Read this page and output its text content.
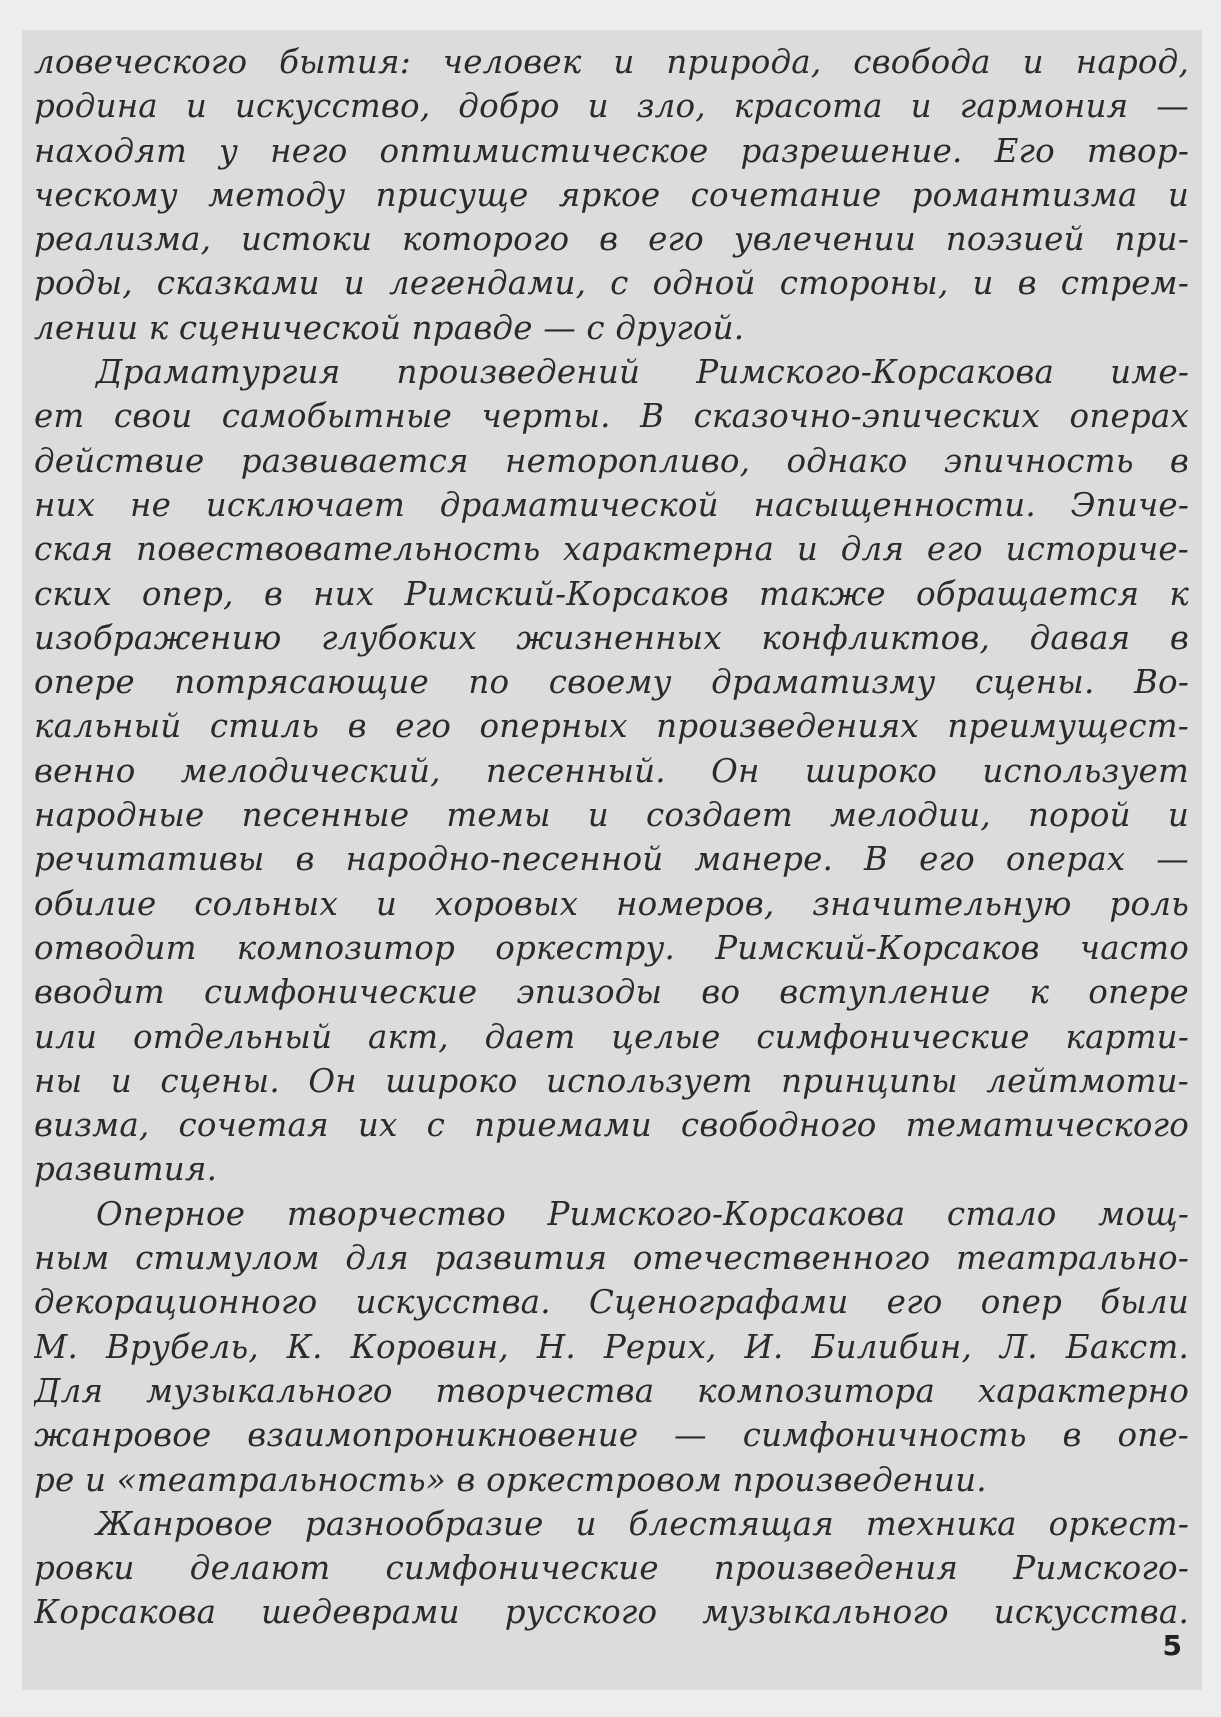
ловеческого бытия: человек и природа, свобода и народ,
родина и искусство, добро и зло, красота и гармония —
находят у него оптимистическое разрешение. Его твор-
ческому методу присуще яркое сочетание романтизма и
реализма, истоки которого в его увлечении поэзией при-
роды, сказками и легендами, с одной стороны, и в стрем-
лении к сценической правде — с другой.
Драматургия произведений Римского-Корсакова име-
ет свои самобытные черты. В сказочно-эпических операх
действие развивается неторопливо, однако эпичность в
них не исключает драматической насыщенности. Эпиче-
ская повествовательность характерна и для его историче-
ских опер, в них Римский-Корсаков также обращается к
изображению глубоких жизненных конфликтов, давая в
опере потрясающие по своему драматизму сцены. Во-
кальный стиль в его оперных произведениях преимущест-
венно мелодический, песенный. Он широко использует
народные песенные темы и создает мелодии, порой и
речитативы в народно-песенной манере. В его операх —
обилие сольных и хоровых номеров, значительную роль
отводит композитор оркестру. Римский-Корсаков часто
вводит симфонические эпизоды во вступление к опере
или отдельный акт, дает целые симфонические карти-
ны и сцены. Он широко использует принципы лейтмоти-
визма, сочетая их с приемами свободного тематического
развития.
Оперное творчество Римского-Корсакова стало мощ-
ным стимулом для развития отечественного театрально-
декорационного искусства. Сценографами его опер были
М. Врубель, К. Коровин, Н. Рерих, И. Билибин, Л. Бакст.
Для музыкального творчества композитора характерно
жанровое взаимопроникновение — симфоничность в опе-
ре и «театральность» в оркестровом произведении.
Жанровое разнообразие и блестящая техника оркест-
ровки делают симфонические произведения Римского-
Корсакова шедеврами русского музыкального искусства.
5
